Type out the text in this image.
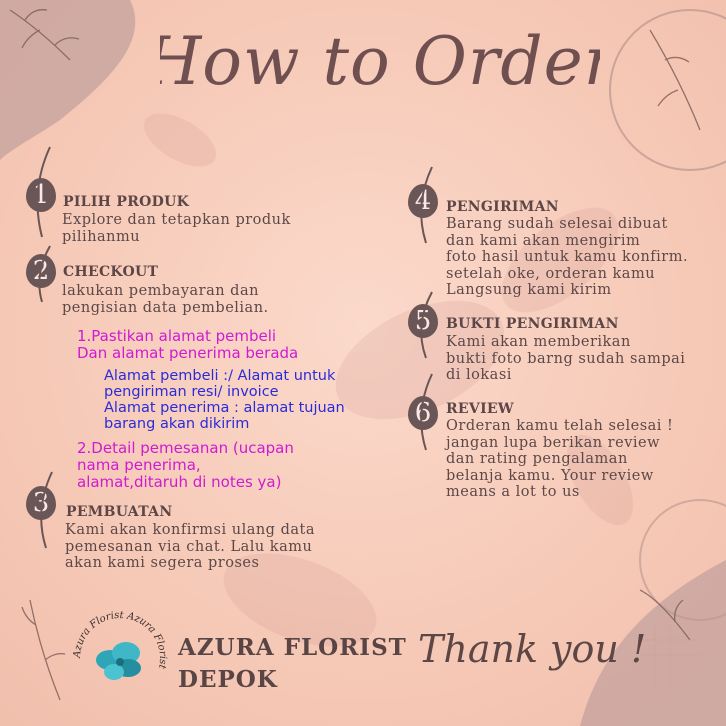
How to Order
1 PILIH PRODUK
Explore dan tetapkan produk
pilihanmu
2 CHECKOUT
lakukan pembayaran dan
pengisian data pembelian.
1.Pastikan alamat pembeli
Dan alamat penerima berada
Alamat pembeli :/ Alamat untuk
pengiriman resi/ invoice
Alamat penerima : alamat tujuan
barang akan dikirim
2.Detail pemesanan (ucapan
nama penerima,
alamat,ditaruh di notes ya)
3	PEMBUATAN
Kami akan konfirmsi ulang data
pemesanan via chat. Lalu kamu
akan kami segera proses
4	PENGIRIMAN
Barang sudah selesai dibuat
dan kami akan mengirim
foto hasil untuk kamu konfirm.
setelah oke, orderan kamu
Langsung kami kirim
5	BUKTI PENGIRIMAN
Kami akan memberikan
bukti foto barng sudah sampai
di lokasi
6	REVIEW
Orderan kamu telah selesai !
jangan lupa berikan review
dan rating pengalaman
belanja kamu. Your review
means a lot to us
Azura Florist Azura Florist
AZURA FLORIST
DEPOK
Thank you !
